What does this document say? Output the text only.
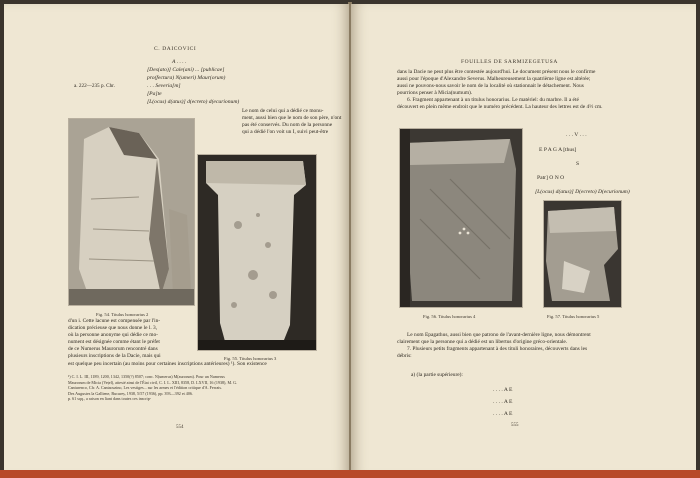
C. DAICOVICI
A . . . .
[Des(ato)] Cale(ani) ... [publicae]
pro(fectura) N(umeri) Maur(orum)
. . . Severia[m]
[Pa]te
[L(ocus) d(atus)] d(ecreto) d(ecurionum)
a. 222—235 p. Chr.
Le nom de celui qui a dédié ce monu-
ment, aussi bien que le nom de son père, n'ont
pas été conservés. Du nom de la personne
qui a dédié l'on voit un I, suivi peut-être
Fig. 54. Titulus honorarius 2
Fig. 55. Titulus honorarius 3
d'un i. Cette lacune est compensée par l'in-
dication précieuse que nous donne le l. 3,
où la personne anonyme qui dédie ce mo-
nument est désignée comme étant le préfet
de ce Numerus Maurorum rencontré dans
plusieurs inscriptions de la Dacie, mais qui
est quelque peu incertain (au moins pour certaines inscriptions antérieures) ¹). Son existence
¹) C. I. L. III, 1189, 1200, 1342, 1350(?) 8507; conc. N(umerus) M(aurorum). Pour un Numerus
Maurorum de Micia (Vețel), attesté ainsi de l'État civil, C. I. L. XIII, 8358, D. LXVII, 16 (1938), M. G.
Canturenco, Cfr. A. Cantacuzino, Les vestiges... sur les armes et l'édition critique d'A. Ferrais.
Des Augustes la Galliene, Bucureș, 1938, 5/57 (1936), pp. 393—392 et 406.
p. 61 sqq., a raison en liant dans toutes ces inscrip-
554
FOUILLES DE SARMIZEGETUSA
dans la Dacie ne peut plus être contestée aujourd'hui. Le document présent nous le confirme
aussi pour l'époque d'Alexandre Severus. Malheureusement la quatrième ligne est altérée;
aussi ne pouvons-nous savoir le nom de la localité où stationnait le détachement. Nous
pourrions penser à Micia(numum).
6. Fragment appartenant à un titulus honorarius. Le matériel: du marbre. Il a été
découvert en plein même endroit que le numéro précédent. La hauteur des lettres est de 4½ cm.
Fig. 56. Titulus honorarius 4
. . . V . . .
E P A G A [thus]
S
Patr] O N O
[L(ocus) d(atus)] D(ecreto) D(ecurionum)
Fig. 57. Titulus honorarius 5
Le nom Epagathus, aussi bien que patrono de l'avant-dernière ligne, nous démontrent
clairement que la personne qui a dédié est un libertus d'origine gréco-orientale.
7. Plusieurs petits fragments appartenant à des tituli honoraires, découverts dans les
débris:
a) (la partie supérieure):
. . . . A E
. . . . A E
. . . . A E
555
